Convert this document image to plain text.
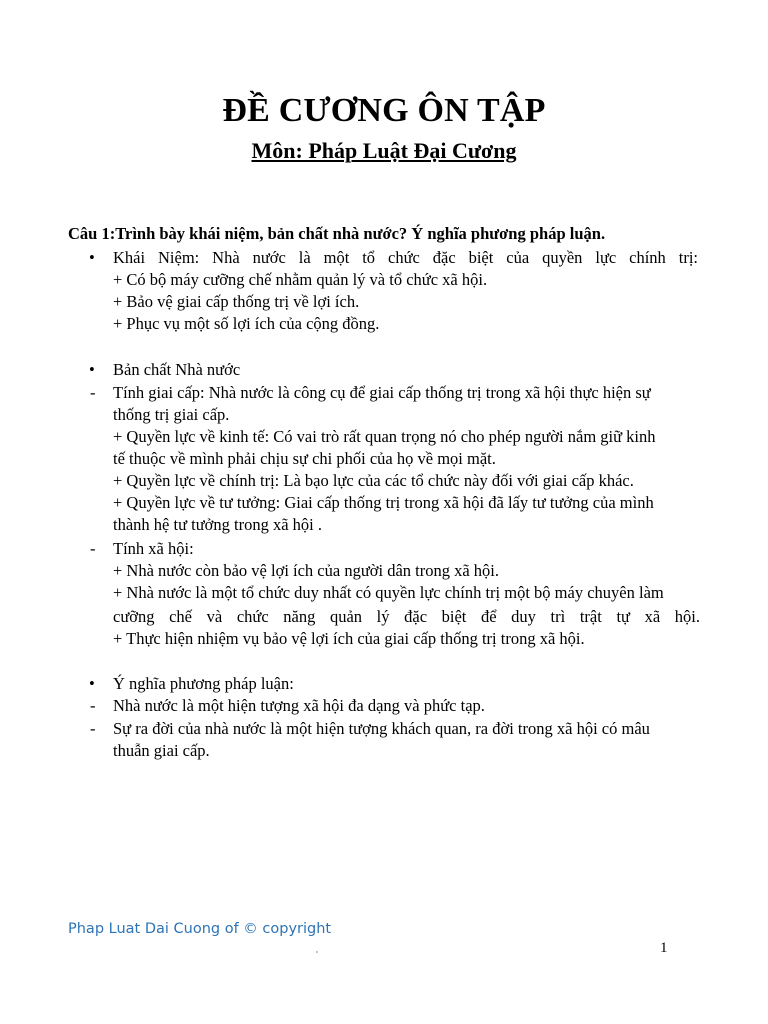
ĐỀ CƯƠNG ÔN TẬP
Môn: Pháp Luật Đại Cương
Câu 1:Trình bày khái niệm, bản chất nhà nước? Ý nghĩa phương pháp luận.
• Khái Niệm: Nhà nước là một tổ chức đặc biệt của quyền lực chính trị:
+ Có bộ máy cưỡng chế nhằm quản lý và tổ chức xã hội.
+ Bảo vệ giai cấp thống trị về lợi ích.
+ Phục vụ một số lợi ích của cộng đồng.
• Bản chất Nhà nước
- Tính giai cấp: Nhà nước là công cụ để giai cấp thống trị trong xã hội thực hiện sự
thống trị giai cấp.
+ Quyền lực về kinh tế: Có vai trò rất quan trọng nó cho phép người nắm giữ kinh
tế thuộc về mình phải chịu sự chi phối của họ về mọi mặt.
+ Quyền lực về chính trị: Là bạo lực của các tổ chức này đối với giai cấp khác.
+ Quyền lực về tư tưởng: Giai cấp thống trị trong xã hội đã lấy tư tưởng của mình
thành hệ tư tưởng trong xã hội .
- Tính xã hội:
+ Nhà nước còn bảo vệ lợi ích của người dân trong xã hội.
+ Nhà nước là một tổ chức duy nhất có quyền lực chính trị một bộ máy chuyên làm
cưỡng chế và chức năng quản lý đặc biệt để duy trì trật tự xã hội.
+ Thực hiện nhiệm vụ bảo vệ lợi ích của giai cấp thống trị trong xã hội.
• Ý nghĩa phương pháp luận:
- Nhà nước là một hiện tượng xã hội đa dạng và phức tạp.
- Sự ra đời của nhà nước là một hiện tượng khách quan, ra đời trong xã hội có mâu
thuẫn giai cấp.
Phap Luat Dai Cuong of © copyright
1
